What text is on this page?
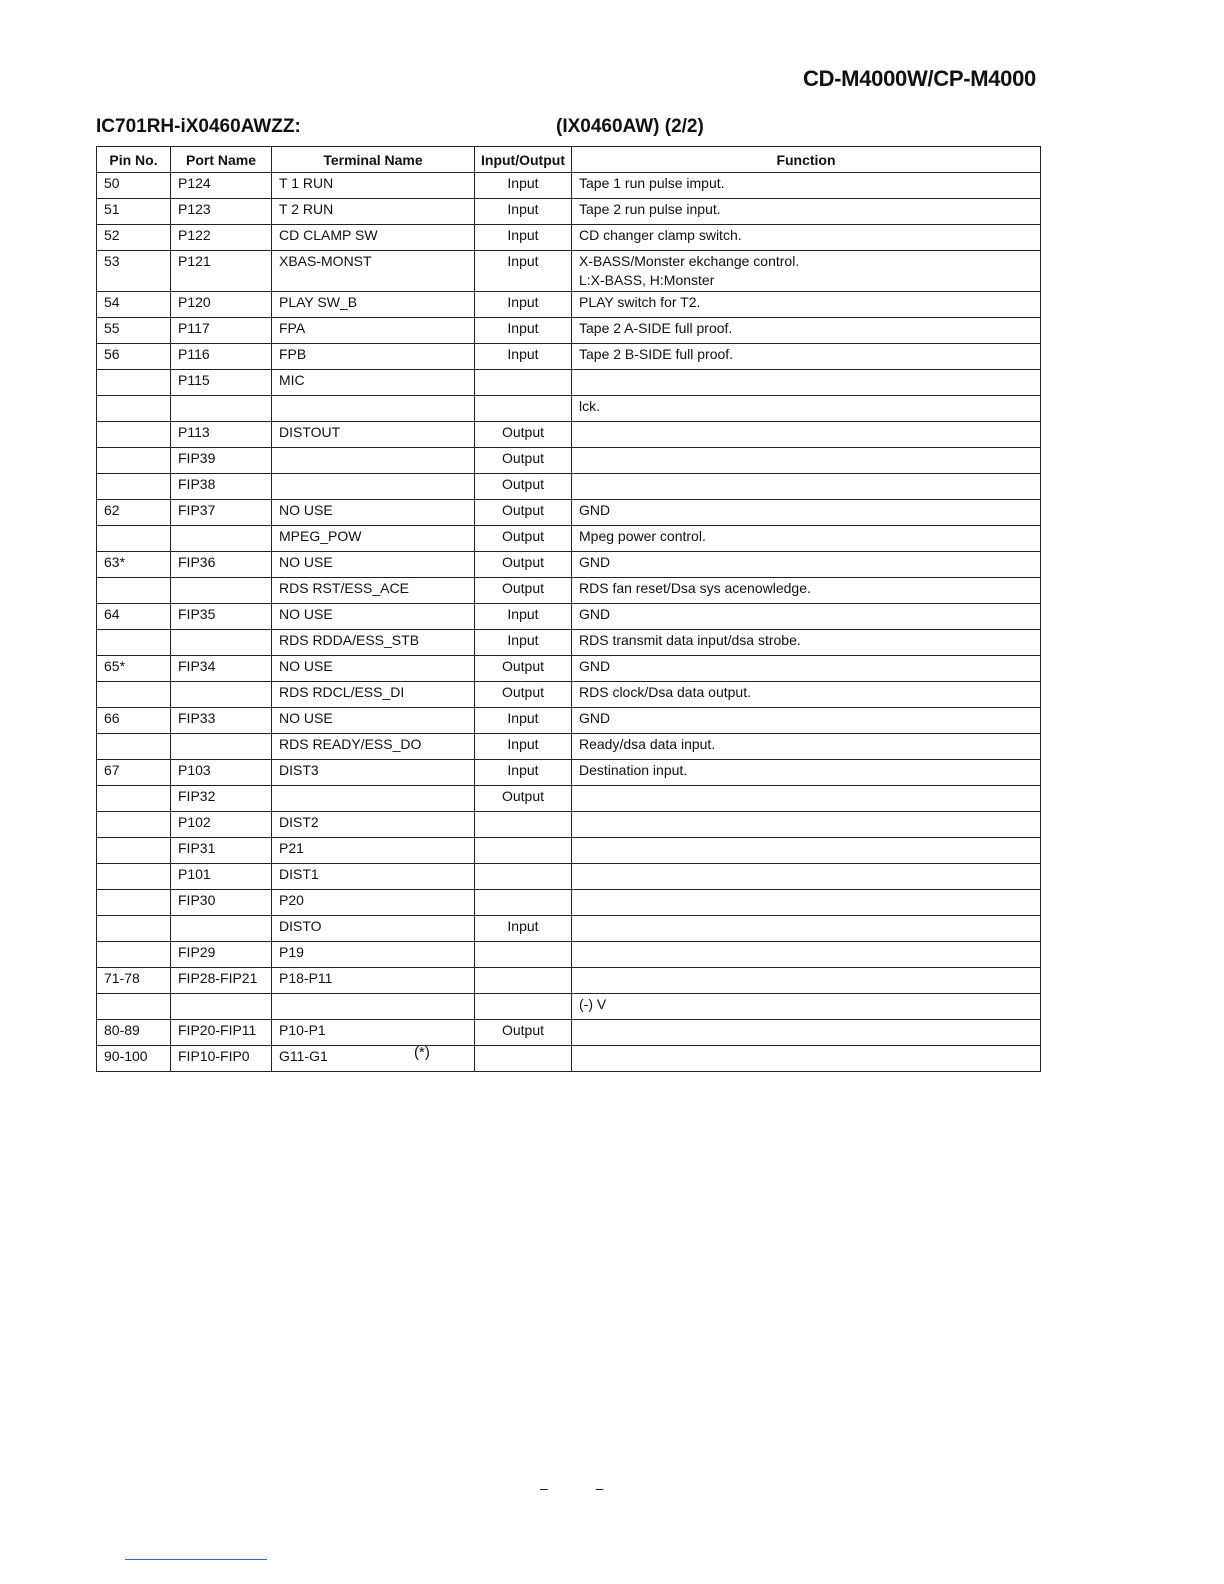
CD-M4000W/CP-M4000
IC701RH-iX0460AWZZ:	(IX0460AW) (2/2)
Pin No.	Port Name	Terminal Name	Input/Output	Function
50	P124	T 1 RUN	Input	Tape 1 run pulse imput.
51	P123	T 2 RUN	Input	Tape 2 run pulse input.
52	P122	CD CLAMP SW	Input	CD changer clamp switch.
53	P121	XBAS-MONST	Input	X-BASS/Monster ekchange control.
L:X-BASS, H:Monster
54	P120	PLAY SW_B	Input	PLAY switch for T2.
55	P117	FPA	Input	Tape 2 A-SIDE full proof.
56	P116	FPB	Input	Tape 2 B-SIDE full proof.
	P115	MIC		
				lck.
	P113	DISTOUT	Output	
	FIP39		Output	
	FIP38		Output	
62	FIP37	NO USE	Output	GND
		MPEG_POW	Output	Mpeg power control.
63*	FIP36	NO USE	Output	GND
		RDS RST/ESS_ACE	Output	RDS fan reset/Dsa sys acenowledge.
64	FIP35	NO USE	Input	GND
		RDS RDDA/ESS_STB	Input	RDS transmit data input/dsa strobe.
65*	FIP34	NO USE	Output	GND
		RDS RDCL/ESS_DI	Output	RDS clock/Dsa data output.
66	FIP33	NO USE	Input	GND
		RDS READY/ESS_DO	Input	Ready/dsa data input.
67	P103	DIST3	Input	Destination input.
	FIP32		Output	
	P102	DIST2		
	FIP31	P21		
	P101	DIST1		
	FIP30	P20		
		DISTO	Input	
	FIP29	P19		
71-78	FIP28-FIP21	P18-P11		
				(-) V
80-89	FIP20-FIP11	P10-P1	Output	
90-100	FIP10-FIP0	G11-G1			(*)
– –
